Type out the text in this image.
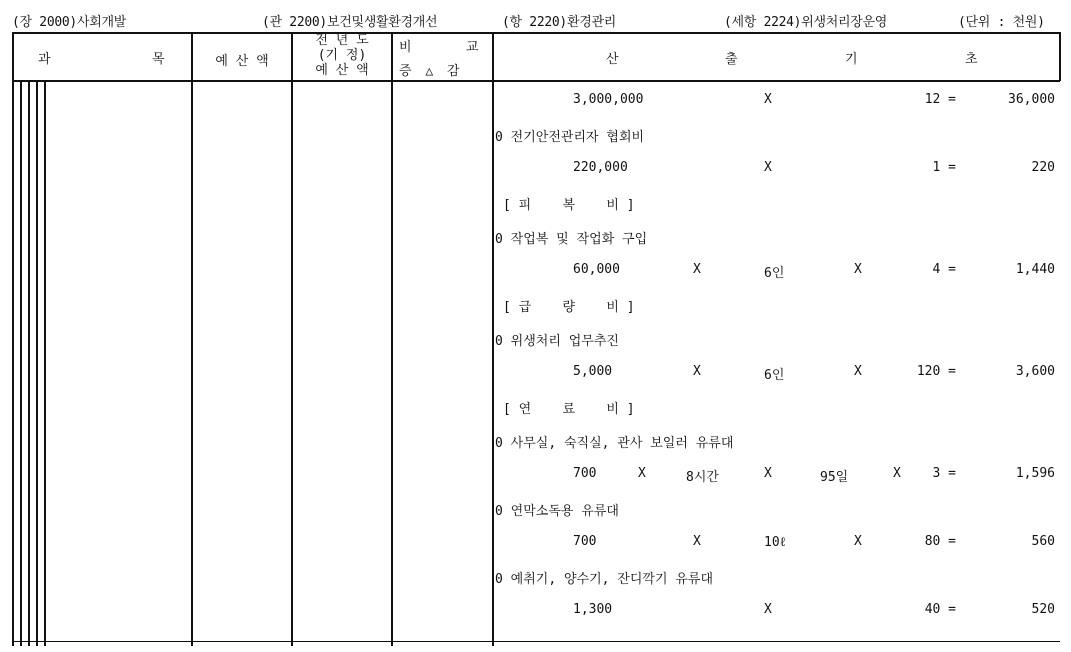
(장 2000)사회개발	(관 2200)보건및생활환경개선	(항 2220)환경관리	(세항 2224)위생처리장운영	(단위 : 천원)
과	목	예 산 액
전 년 도
(기 정)
예 산 액
비	교
증 △ 감
산	출	기	초
3,000,000	X	12 =	36,000
0 전기안전관리자 협회비
220,000	X	1 =	220
[ 피    복    비 ]
0 작업복 및 작업화 구입
60,000	X	6인	X	4 =	1,440
[ 급    량    비 ]
0 위생처리 업무추진
5,000	X	6인	X	120 =	3,600
[ 연    료    비 ]
0 사무실, 숙직실, 관사 보일러 유류대
700	X	8시간	X	95일	X 3 =	1,596
0 연막소독용 유류대
700	X	10ℓ	X	80 =	560
0 예취기, 양수기, 잔디깍기 유류대
1,300	X	40 =	520
